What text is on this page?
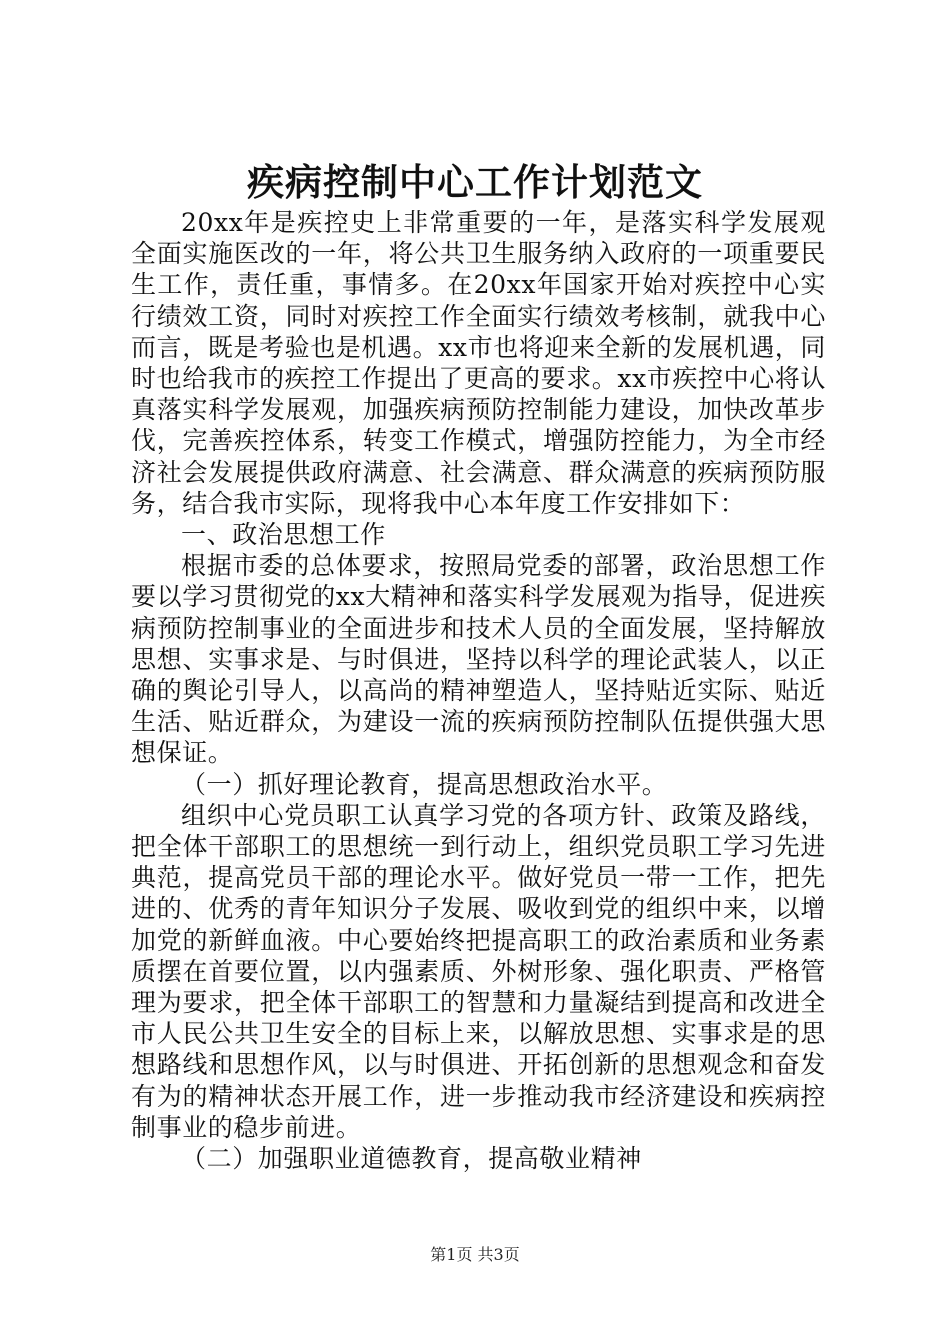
疾病控制中心工作计划范文

20xx年是疾控史上非常重要的一年，是落实科学发展观全面实施医改的一年，将公共卫生服务纳入政府的一项重要民生工作，责任重，事情多。在20xx年国家开始对疾控中心实行绩效工资，同时对疾控工作全面实行绩效考核制，就我中心而言，既是考验也是机遇。xx市也将迎来全新的发展机遇，同时也给我市的疾控工作提出了更高的要求。xx市疾控中心将认真落实科学发展观，加强疾病预防控制能力建设，加快改革步伐，完善疾控体系，转变工作模式，增强防控能力，为全市经济社会发展提供政府满意、社会满意、群众满意的疾病预防服务，结合我市实际，现将我中心本年度工作安排如下：

一、政治思想工作

根据市委的总体要求，按照局党委的部署，政治思想工作要以学习贯彻党的xx大精神和落实科学发展观为指导，促进疾病预防控制事业的全面进步和技术人员的全面发展，坚持解放思想、实事求是、与时俱进，坚持以科学的理论武装人，以正确的舆论引导人，以高尚的精神塑造人，坚持贴近实际、贴近生活、贴近群众，为建设一流的疾病预防控制队伍提供强大思想保证。

（一）抓好理论教育，提高思想政治水平。

组织中心党员职工认真学习党的各项方针、政策及路线，把全体干部职工的思想统一到行动上，组织党员职工学习先进典范，提高党员干部的理论水平。做好党员一带一工作，把先进的、优秀的青年知识分子发展、吸收到党的组织中来，以增加党的新鲜血液。中心要始终把提高职工的政治素质和业务素质摆在首要位置，以内强素质、外树形象、强化职责、严格管理为要求，把全体干部职工的智慧和力量凝结到提高和改进全市人民公共卫生安全的目标上来，以解放思想、实事求是的思想路线和思想作风，以与时俱进、开拓创新的思想观念和奋发有为的精神状态开展工作，进一步推动我市经济建设和疾病控制事业的稳步前进。

（二）加强职业道德教育，提高敬业精神

第1页 共3页
